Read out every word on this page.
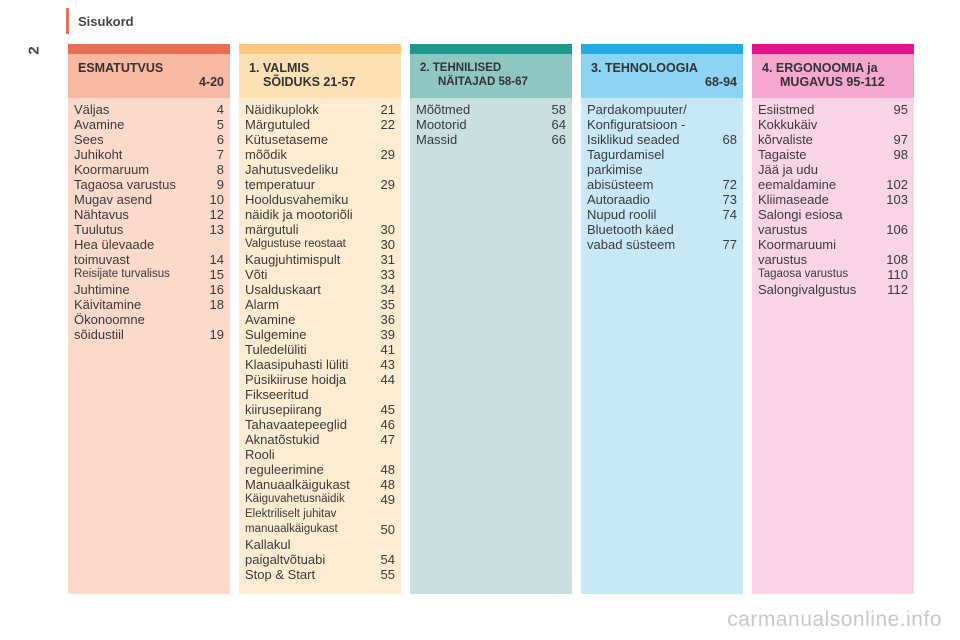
2
Sisukord
ESMATUTVUS
4-20
Väljas	4
Avamine	5
Sees	6
Juhikoht	7
Koormaruum	8
Tagaosa varustus	9
Mugav asend	10
Nähtavus	12
Tuulutus	13
Hea ülevaade
toimuvast	14
Reisijate turvalisus	15
Juhtimine	16
Käivitamine	18
Ökonoomne
sõidustiil	19
1. VALMIS
SÕIDUKS 21-57
Näidikuplokk	21
Märgutuled	22
Kütusetaseme
mõõdik	29
Jahutusvedeliku
temperatuur	29
Hooldusvahemiku
näidik ja mootoriõli
märgutuli	30
Valgustuse reostaat	30
Kaugjuhtimispult	31
Võti	33
Usalduskaart	34
Alarm	35
Avamine	36
Sulgemine	39
Tuledelüliti	41
Klaasipuhasti lüliti	43
Püsikiiruse hoidja	44
Fikseeritud
kiirusepiirang	45
Tahavaatepeeglid	46
Aknatõstukid	47
Rooli
reguleerimine	48
Manuaalkäigukast	48
Käiguvahetusnäidik	49
Elektriliselt juhitav
manuaalkäigukast	50
Kallakul
paigaltvõtuabi	54
Stop & Start	55
2. TEHNILISED
NÄITAJAD 58-67
Mõõtmed	58
Mootorid	64
Massid	66
3. TEHNOLOOGIA
68-94
Pardakompuuter/
Konfiguratsioon -
Isiklikud seaded	68
Tagurdamisel
parkimise
abisüsteem	72
Autoraadio	73
Nupud roolil	74
Bluetooth käed
vabad süsteem	77
4. ERGONOOMIA ja
MUGAVUS 95-112
Esiistmed	95
Kokkukäiv
kõrvaliste	97
Tagaiste	98
Jää ja udu
eemaldamine	102
Kliimaseade	103
Salongi esiosa
varustus	106
Koormaruumi
varustus	108
Tagaosa varustus	110
Salongivalgustus	112
carmanualsonline.info
